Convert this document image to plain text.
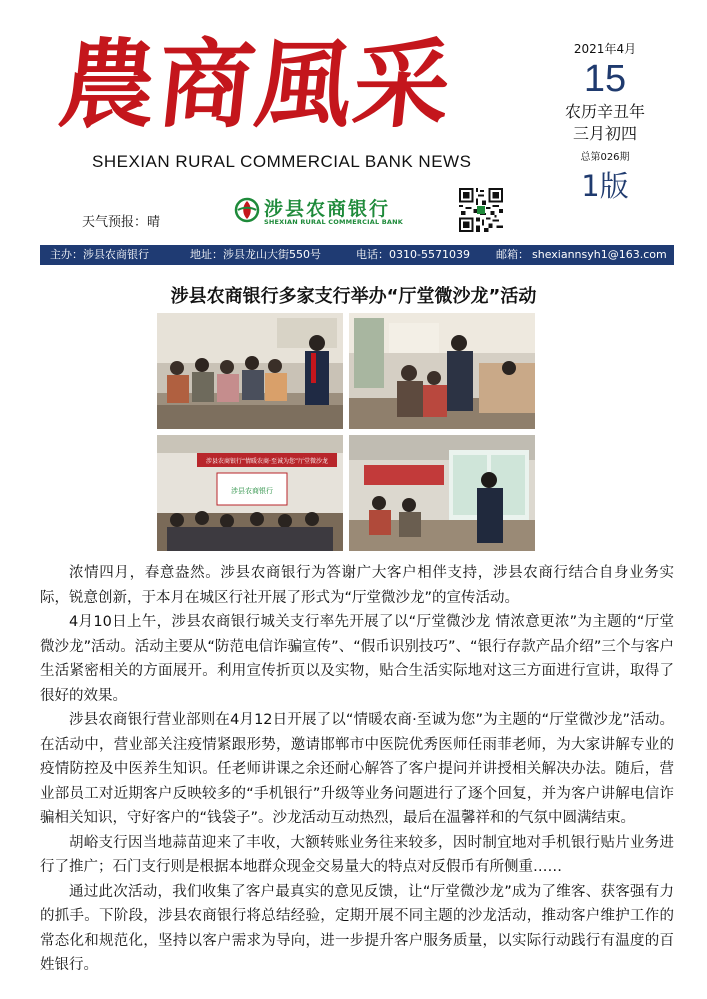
農商風采
SHEXIAN RURAL COMMERCIAL BANK NEWS
天气预报：晴
涉县农商银行
SHEXIAN RURAL COMMERCIAL BANK
2021年4月
15
农历辛丑年
三月初四
总第026期
1版
主办：涉县农商银行	地址：涉县龙山大街550号	电话：0310-5571039 邮箱： shexiannsyh1@163.com
涉县农商银行多家支行举办“厅堂微沙龙”活动
涉县农商银行“情暖农商·至诚为您”厅堂微沙龙
涉县农商银行

浓情四月，春意盎然。涉县农商银行为答谢广大客户相伴支持，涉县农商行结合自身业务实际，锐意创新，于本月在城区行社开展了形式为“厅堂微沙龙”的宣传活动。

4月10日上午，涉县农商银行城关支行率先开展了以“厅堂微沙龙 情浓意更浓”为主题的“厅堂微沙龙”活动。活动主要从“防范电信诈骗宣传”、“假币识别技巧”、“银行存款产品介绍”三个与客户生活紧密相关的方面展开。利用宣传折页以及实物，贴合生活实际地对这三方面进行宣讲，取得了很好的效果。

涉县农商银行营业部则在4月12日开展了以“情暖农商·至诚为您”为主题的“厅堂微沙龙”活动。在活动中，营业部关注疫情紧跟形势，邀请邯郸市中医院优秀医师任雨菲老师，为大家讲解专业的疫情防控及中医养生知识。任老师讲课之余还耐心解答了客户提问并讲授相关解决办法。随后，营业部员工对近期客户反映较多的“手机银行”升级等业务问题进行了逐个回复，并为客户讲解电信诈骗相关知识，守好客户的“钱袋子”。沙龙活动互动热烈，最后在温馨祥和的气氛中圆满结束。

胡峪支行因当地蒜苗迎来了丰收，大额转账业务往来较多，因时制宜地对手机银行贴片业务进行了推广；石门支行则是根据本地群众现金交易量大的特点对反假币有所侧重……

通过此次活动，我们收集了客户最真实的意见反馈，让“厅堂微沙龙”成为了维客、获客强有力的抓手。下阶段，涉县农商银行将总结经验，定期开展不同主题的沙龙活动，推动客户维护工作的常态化和规范化，坚持以客户需求为导向，进一步提升客户服务质量，以实际行动践行有温度的百姓银行。
